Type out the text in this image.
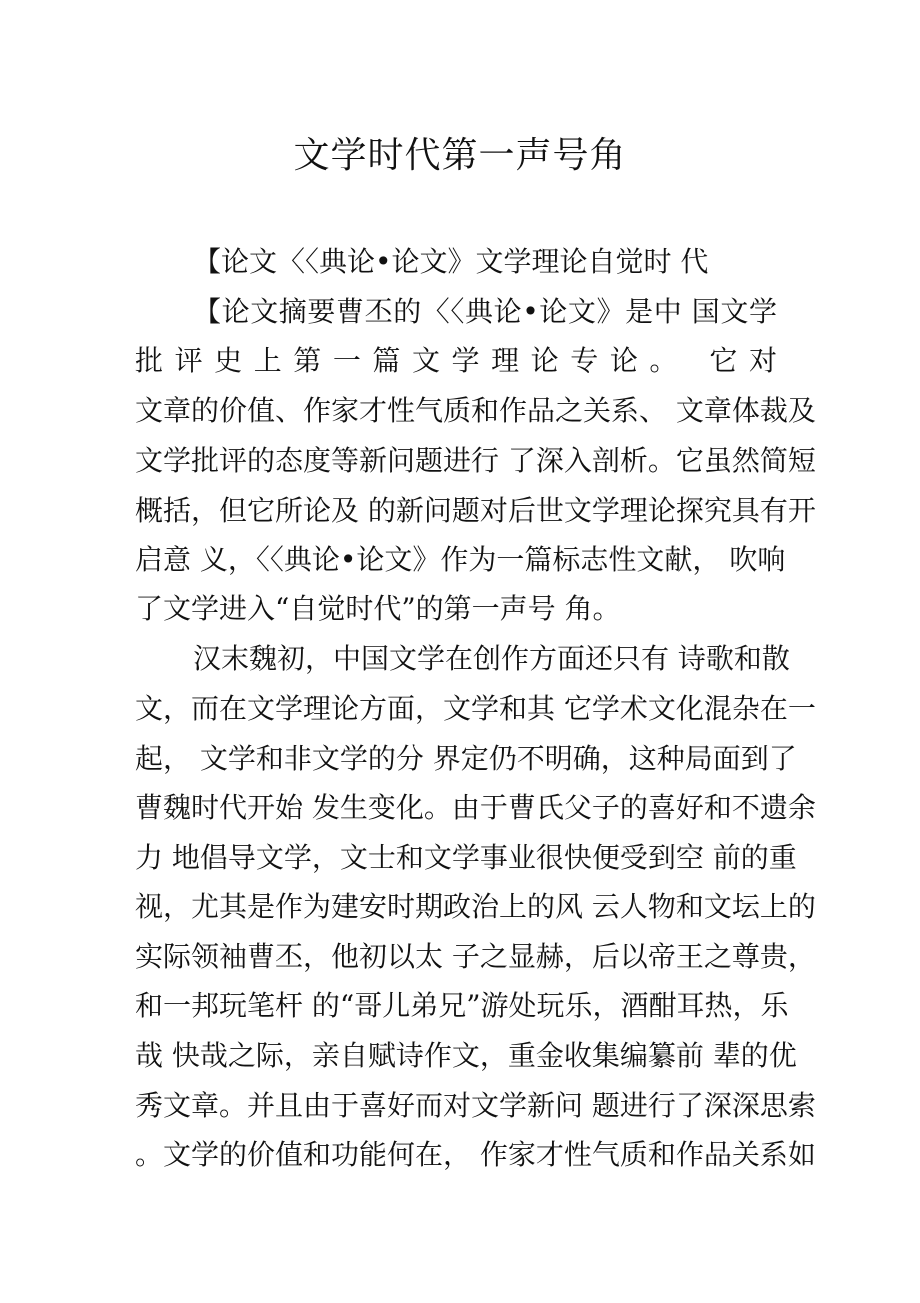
文学时代第一声号角
【论文〈〈典论•论文》文学理论自觉时 代
【论文摘要曹丕的〈〈典论•论文》是中 国文学
批评史上第一篇文学理论专论。 它对
文章的价值、作家才性气质和作品之关系、 文章体裁及
文学批评的态度等新问题进行 了深入剖析。它虽然简短
概括，但它所论及 的新问题对后世文学理论探究具有开
启意 义，〈〈典论•论文》作为一篇标志性文献， 吹响
了文学进入“自觉时代”的第一声号 角。
汉末魏初，中国文学在创作方面还只有 诗歌和散
文，而在文学理论方面，文学和其 它学术文化混杂在一
起， 文学和非文学的分 界定仍不明确，这种局面到了
曹魏时代开始 发生变化。由于曹氏父子的喜好和不遗余
力 地倡导文学，文士和文学事业很快便受到空 前的重
视，尤其是作为建安时期政治上的风 云人物和文坛上的
实际领袖曹丕，他初以太 子之显赫，后以帝王之尊贵，
和一邦玩笔杆 的“哥儿弟兄”游处玩乐，酒酣耳热，乐
哉 快哉之际，亲自赋诗作文，重金收集编纂前 辈的优
秀文章。并且由于喜好而对文学新问 题进行了深深思索
。文学的价值和功能何在， 作家才性气质和作品关系如
